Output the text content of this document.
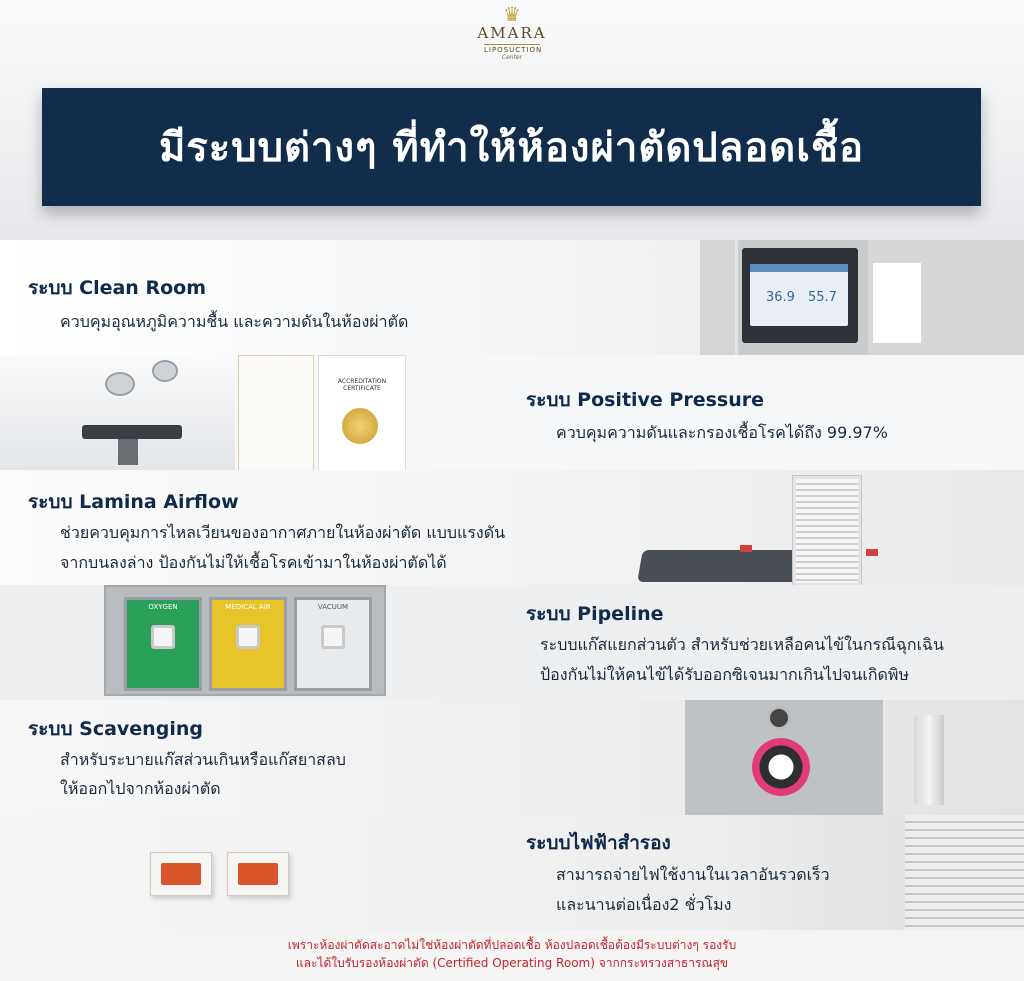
♛
AMARA
LIPOSUCTION
Center
มีระบบต่างๆ ที่ทำให้ห้องผ่าตัดปลอดเชื้อ
36.9 55.7
ระบบ Clean Room
ควบคุมอุณหภูมิความชื้น และความดันในห้องผ่าตัด
ACCREDITATION CERTIFICATE
ระบบ Positive Pressure
ควบคุมความดันและกรองเชื้อโรคได้ถึง 99.97%
ระบบ Lamina Airflow
ช่วยควบคุมการไหลเวียนของอากาศภายในห้องผ่าตัด แบบแรงดัน
จากบนลงล่าง ป้องกันไม่ให้เชื้อโรคเข้ามาในห้องผ่าตัดได้
OXYGEN	MEDICAL AIR	VACUUM	ระบบ Pipeline
ระบบแก๊สแยกส่วนตัว สำหรับช่วยเหลือคนไข้ในกรณีฉุกเฉิน
ป้องกันไม่ให้คนไข้ได้รับออกซิเจนมากเกินไปจนเกิดพิษ
ระบบ Scavenging
สำหรับระบายแก๊สส่วนเกินหรือแก๊สยาสลบ
ให้ออกไปจากห้องผ่าตัด
ระบบไฟฟ้าสำรอง
สามารถจ่ายไฟใช้งานในเวลาอันรวดเร็ว
และนานต่อเนื่อง2 ชั่วโมง
เพราะห้องผ่าตัดสะอาดไม่ใช่ห้องผ่าตัดที่ปลอดเชื้อ ห้องปลอดเชื้อต้องมีระบบต่างๆ รองรับ
และได้ใบรับรองห้องผ่าตัด (Certified Operating Room) จากกระทรวงสาธารณสุข
